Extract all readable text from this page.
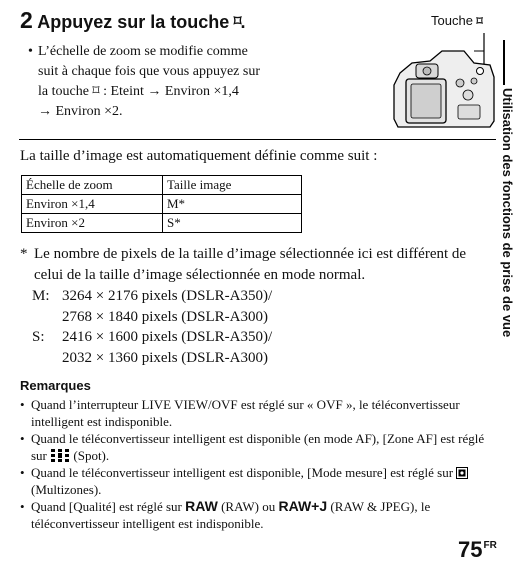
2 Appuyez sur la touche ⌑.	Touche ⌑
• L’échelle de zoom se modifie comme
suit à chaque fois que vous appuyez sur
la touche ⌑ : Eteint → Environ ×1,4
→ Environ ×2.	Utilisation des fonctions de prise de vue
La taille d’image est automatiquement définie comme suit :
Échelle de zoom	Taille image
Environ ×1,4	M*
Environ ×2	S*
* Le nombre de pixels de la taille d’image sélectionnée ici est différent de
celui de la taille d’image sélectionnée en mode normal.
M: 3264 × 2176 pixels (DSLR-A350)/
2768 × 1840 pixels (DSLR-A300)
S: 2416 × 1600 pixels (DSLR-A350)/
2032 × 1360 pixels (DSLR-A300)
Remarques
• Quand l’interrupteur LIVE VIEW/OVF est réglé sur « OVF », le téléconvertisseur intelligent est indisponible.
• Quand le téléconvertisseur intelligent est disponible (en mode AF), [Zone AF] est réglé sur (Spot).
• Quand le téléconvertisseur intelligent est disponible, [Mode mesure] est réglé sur  (Multizones).
• Quand [Qualité] est réglé sur RAW (RAW) ou RAW+J (RAW & JPEG), le téléconvertisseur intelligent est indisponible.
$75^{FR}$
